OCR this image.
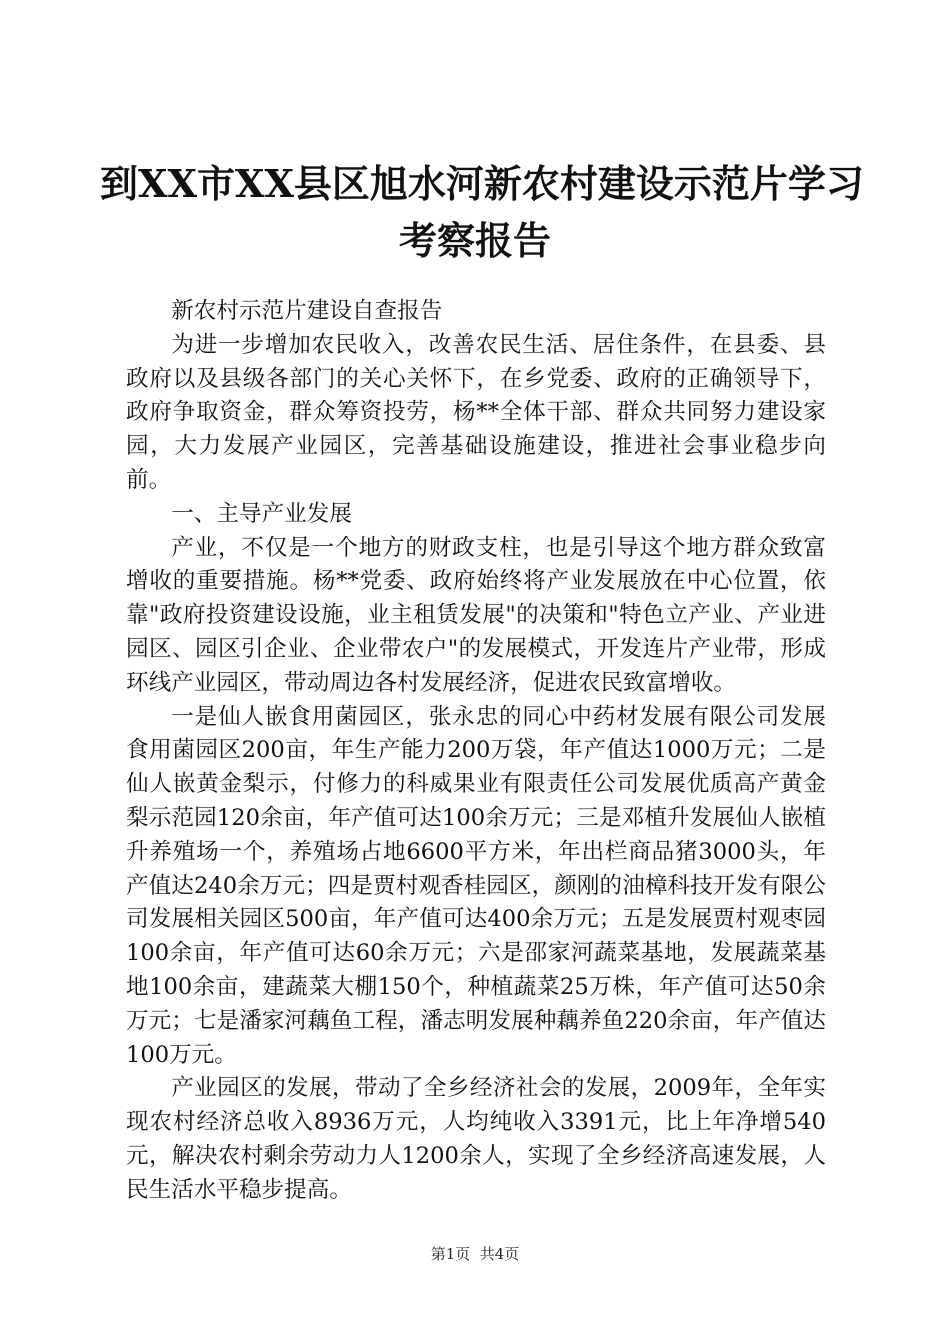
到XX市XX县区旭水河新农村建设示范片学习
考察报告

新农村示范片建设自查报告

为进一步增加农民收入，改善农民生活、居住条件，在县委、县政府以及县级各部门的关心关怀下，在乡党委、政府的正确领导下，政府争取资金，群众筹资投劳，杨**全体干部、群众共同努力建设家园，大力发展产业园区，完善基础设施建设，推进社会事业稳步向前。

一、主导产业发展

产业，不仅是一个地方的财政支柱，也是引导这个地方群众致富增收的重要措施。杨**党委、政府始终将产业发展放在中心位置，依靠"政府投资建设设施，业主租赁发展"的决策和"特色立产业、产业进园区、园区引企业、企业带农户"的发展模式，开发连片产业带，形成环线产业园区，带动周边各村发展经济，促进农民致富增收。

一是仙人嵌食用菌园区，张永忠的同心中药材发展有限公司发展食用菌园区200亩，年生产能力200万袋，年产值达1000万元；二是仙人嵌黄金梨示，付修力的科威果业有限责任公司发展优质高产黄金梨示范园120余亩，年产值可达100余万元；三是邓植升发展仙人嵌植升养殖场一个，养殖场占地6600平方米，年出栏商品猪3000头，年产值达240余万元；四是贾村观香桂园区，颜刚的油樟科技开发有限公司发展相关园区500亩，年产值可达400余万元；五是发展贾村观枣园100余亩，年产值可达60余万元；六是邵家河蔬菜基地，发展蔬菜基地100余亩，建蔬菜大棚150个，种植蔬菜25万株，年产值可达50余万元；七是潘家河藕鱼工程，潘志明发展种藕养鱼220余亩，年产值达100万元。

产业园区的发展，带动了全乡经济社会的发展，2009年，全年实现农村经济总收入8936万元，人均纯收入3391元，比上年净增540元，解决农村剩余劳动力人1200余人，实现了全乡经济高速发展，人民生活水平稳步提高。

第1页  共4页
